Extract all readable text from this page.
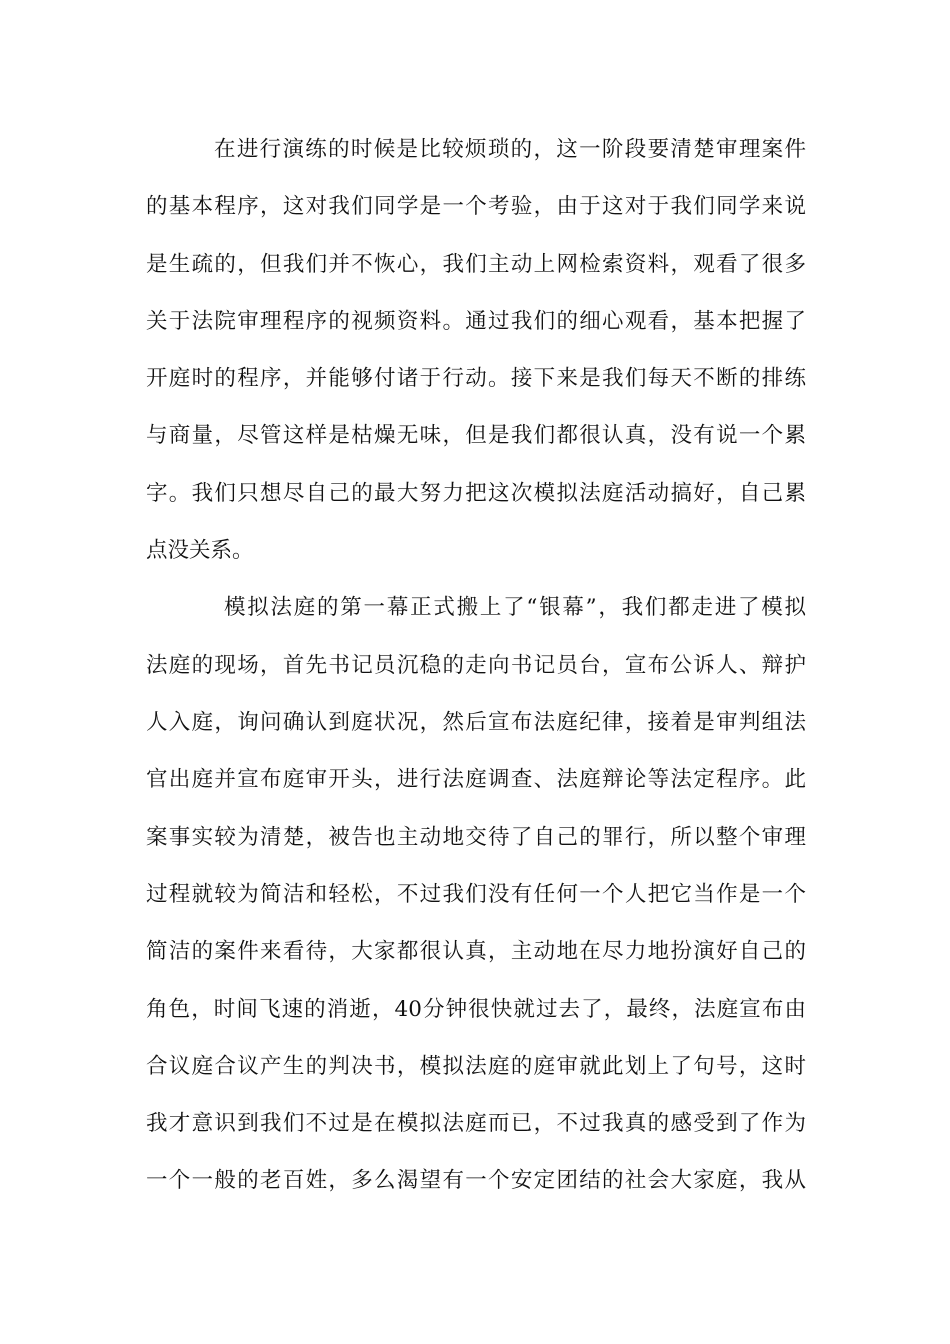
在进行演练的时候是比较烦琐的，这一阶段要清楚审理案件
的基本程序，这对我们同学是一个考验，由于这对于我们同学来说
是生疏的，但我们并不恢心，我们主动上网检索资料，观看了很多
关于法院审理程序的视频资料。通过我们的细心观看，基本把握了
开庭时的程序，并能够付诸于行动。接下来是我们每天不断的排练
与商量，尽管这样是枯燥无味，但是我们都很认真，没有说一个累
字。我们只想尽自己的最大努力把这次模拟法庭活动搞好，自己累
点没关系。
模拟法庭的第一幕正式搬上了“银幕”，我们都走进了模拟
法庭的现场，首先书记员沉稳的走向书记员台，宣布公诉人、辩护
人入庭，询问确认到庭状况，然后宣布法庭纪律，接着是审判组法
官出庭并宣布庭审开头，进行法庭调查、法庭辩论等法定程序。此
案事实较为清楚，被告也主动地交待了自己的罪行，所以整个审理
过程就较为简洁和轻松，不过我们没有任何一个人把它当作是一个
简洁的案件来看待，大家都很认真，主动地在尽力地扮演好自己的
角色，时间飞速的消逝，40分钟很快就过去了，最终，法庭宣布由
合议庭合议产生的判决书，模拟法庭的庭审就此划上了句号，这时
我才意识到我们不过是在模拟法庭而已，不过我真的感受到了作为
一个一般的老百姓，多么渴望有一个安定团结的社会大家庭，我从
